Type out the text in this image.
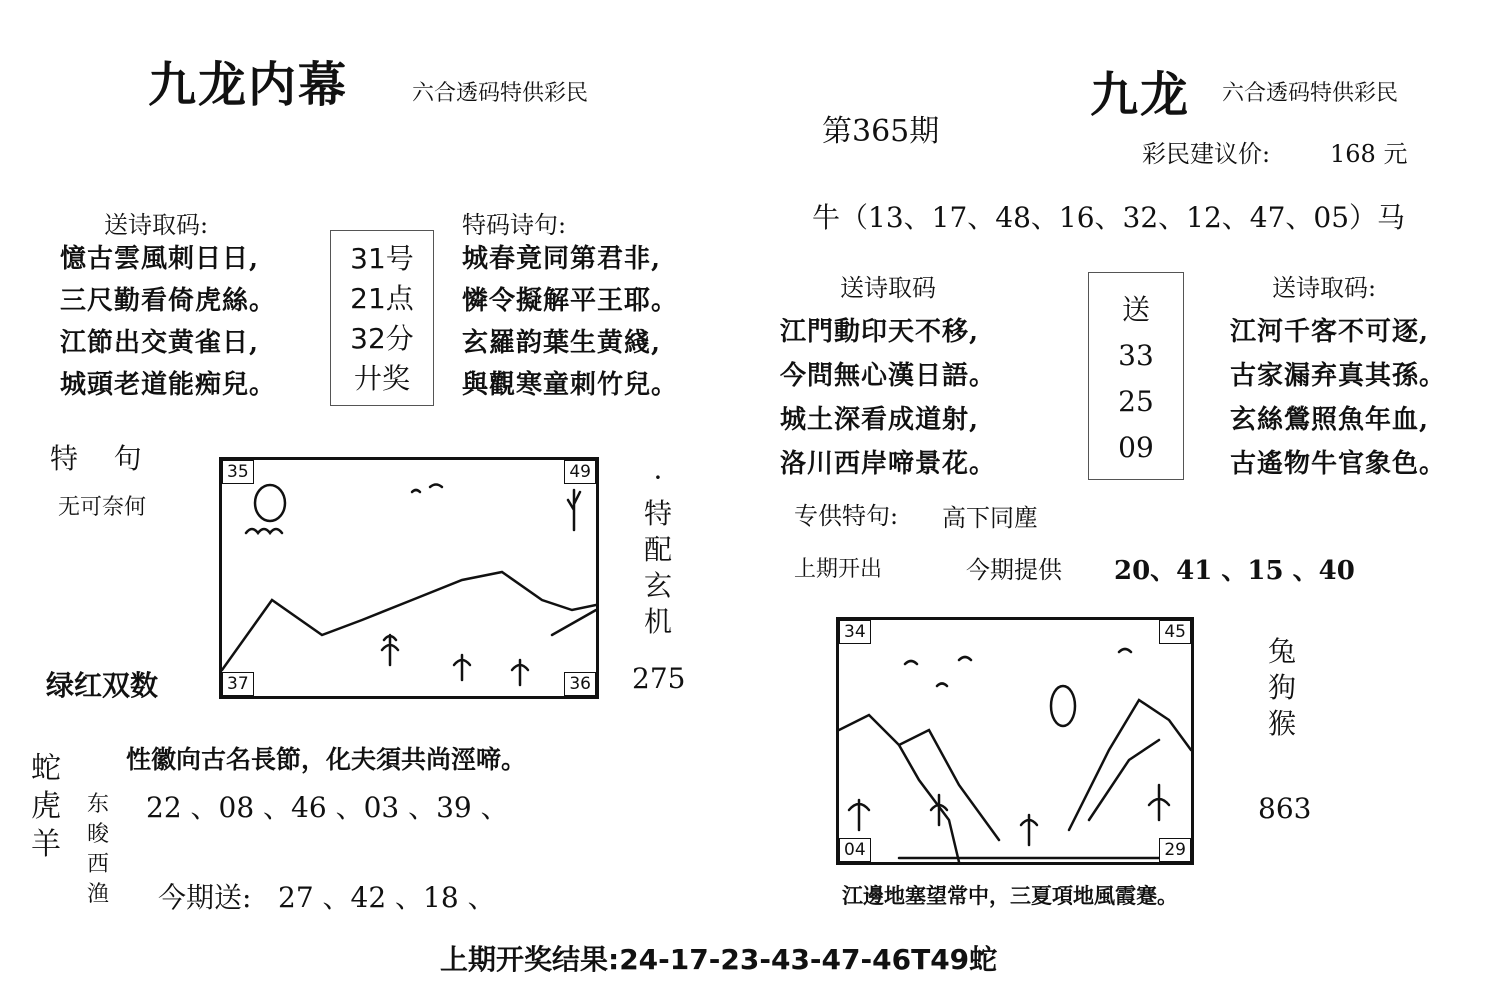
九龙内幕	六合透码特供彩民
送诗取码:
憶古雲風刺日日,
三尺勤看倚虎絲。
江節出交黄雀日,
城頭老道能痴兒。
31号
21点
32分
廾奖
特码诗句:
城春竟同第君非,
憐令擬解平王耶。
玄羅韵葉生黄綫,
與觀寒童刺竹兒。
特    句
无可奈何
绿红双数
35	49
37	36
·
特
配
玄
机
275
性徽向古名長節，化夫須共尚涇啼。
蛇
虎
羊
东
晙
西
渔
22 、08 、46 、03 、39 、
今期送: 27 、42 、18 、
九龙 六合透码特供彩民
第365期
彩民建议价: 168 元
牛（13、17、48、16、32、12、47、05）马
送诗取码
江門動印天不移,
今問無心漢日語。
城土深看成道射,
洛川西岸啼景花。
送
33
25
09
送诗取码:
江河千客不可逐,
古家漏弃真其孫。
玄絲鶯照魚年血,
古遙物牛官象色。
专供特句: 高下同塵
上期开出	今期提供 20、41 、15 、40
34	45
04	29
兔
狗
猴
863
江邊地塞望常中，三夏項地風霞蹇。
上期开奖结果:24-17-23-43-47-46T49蛇
